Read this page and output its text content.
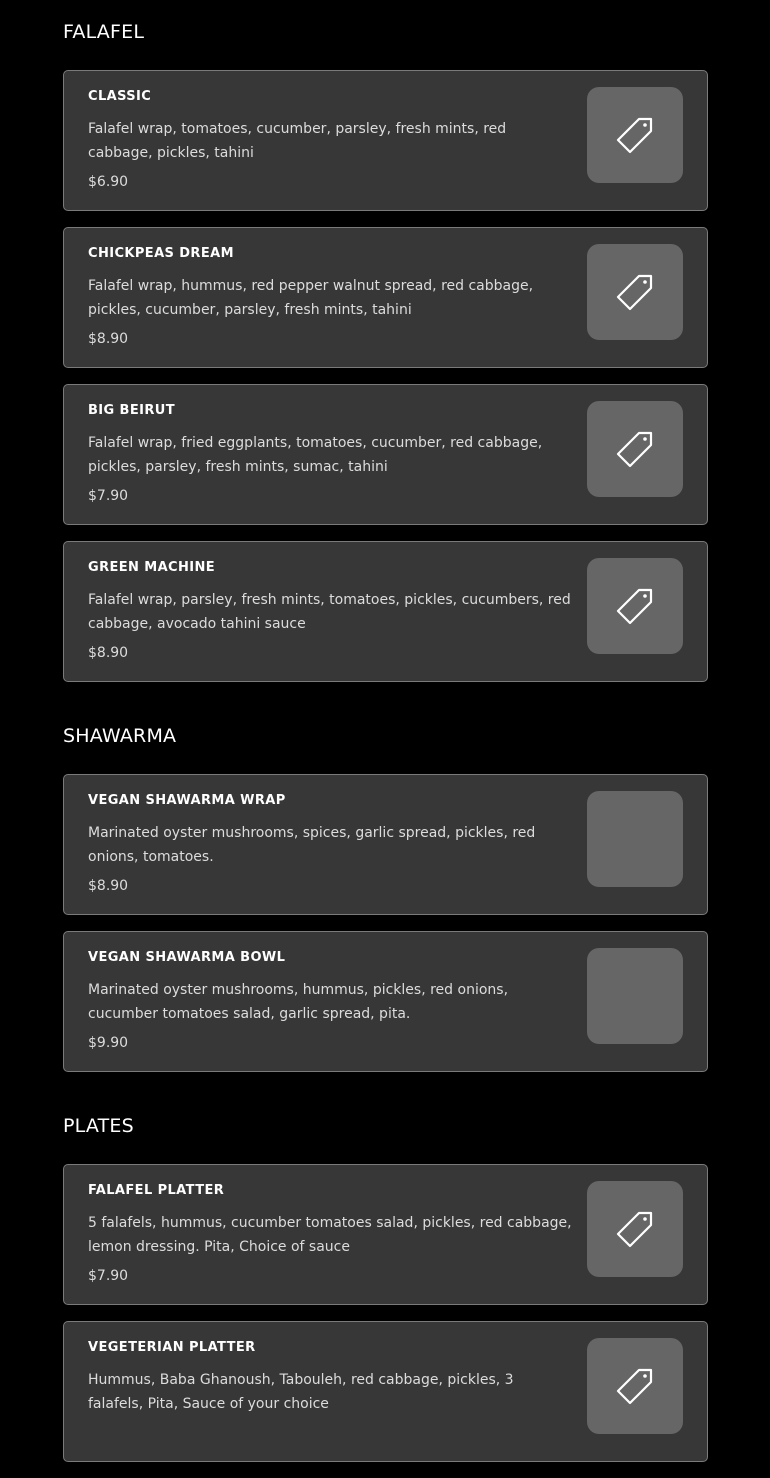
FALAFEL
CLASSIC
Falafel wrap, tomatoes, cucumber, parsley, fresh mints, red cabbage, pickles, tahini
$6.90
CHICKPEAS DREAM
Falafel wrap, hummus, red pepper walnut spread, red cabbage, pickles, cucumber, parsley, fresh mints, tahini
$8.90
BIG BEIRUT
Falafel wrap, fried eggplants, tomatoes, cucumber, red cabbage, pickles, parsley, fresh mints, sumac, tahini
$7.90
GREEN MACHINE
Falafel wrap, parsley, fresh mints, tomatoes, pickles, cucumbers, red cabbage, avocado tahini sauce
$8.90
SHAWARMA
VEGAN SHAWARMA WRAP
Marinated oyster mushrooms, spices, garlic spread, pickles, red onions, tomatoes.
$8.90
VEGAN SHAWARMA BOWL
Marinated oyster mushrooms, hummus, pickles, red onions, cucumber tomatoes salad, garlic spread, pita.
$9.90
PLATES
FALAFEL PLATTER
5 falafels, hummus, cucumber tomatoes salad, pickles, red cabbage, lemon dressing. Pita, Choice of sauce
$7.90
VEGETERIAN PLATTER
Hummus, Baba Ghanoush, Tabouleh, red cabbage, pickles, 3 falafels, Pita, Sauce of your choice
